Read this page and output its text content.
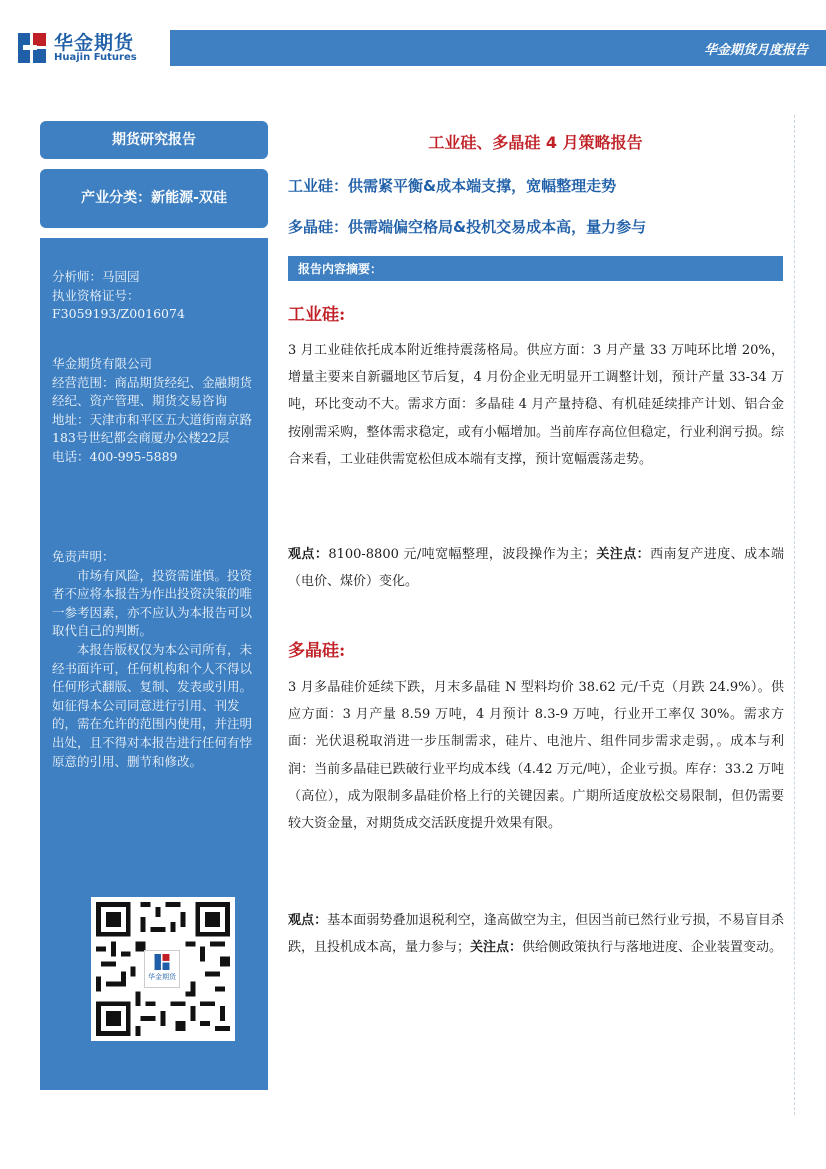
华金期货
Huajin Futures	华金期货月度报告
期货研究报告
产业分类：新能源-双硅

分析师：马园园

执业资格证号：

F3059193/Z0016074

华金期货有限公司

经营范围：商品期货经纪、金融期货经纪、资产管理、期货交易咨询

地址：天津市和平区五大道街南京路183号世纪都会商厦办公楼22层

电话：400-995-5889

免责声明：

市场有风险，投资需谨慎。投资者不应将本报告为作出投资决策的唯一参考因素，亦不应认为本报告可以取代自己的判断。

本报告版权仅为本公司所有，未经书面许可，任何机构和个人不得以任何形式翻版、复制、发表或引用。如征得本公司同意进行引用、刊发的，需在允许的范围内使用，并注明出处，且不得对本报告进行任何有悖原意的引用、删节和修改。

华金期货
工业硅、多晶硅 4 月策略报告
工业硅：供需紧平衡&成本端支撑，宽幅整理走势
多晶硅：供需端偏空格局&投机交易成本高，量力参与
报告内容摘要：
工业硅:

3 月工业硅依托成本附近维持震荡格局。供应方面：3 月产量 33 万吨环比增 20%，增量主要来自新疆地区节后复，4 月份企业无明显开工调整计划，预计产量 33-34 万吨，环比变动不大。需求方面：多晶硅 4 月产量持稳、有机硅延续排产计划、铝合金按刚需采购，整体需求稳定，或有小幅增加。当前库存高位但稳定，行业利润亏损。综合来看，工业硅供需宽松但成本端有支撑，预计宽幅震荡走势。

观点：8100-8800 元/吨宽幅整理，波段操作为主；关注点：西南复产进度、成本端（电价、煤价）变化。

多晶硅:

3 月多晶硅价延续下跌，月末多晶硅 N 型料均价 38.62 元/千克（月跌 24.9%）。供应方面：3 月产量 8.59 万吨，4 月预计 8.3-9 万吨，行业开工率仅 30%。需求方面：光伏退税取消进一步压制需求，硅片、电池片、组件同步需求走弱，。成本与利润：当前多晶硅已跌破行业平均成本线（4.42 万元/吨），企业亏损。库存：33.2 万吨（高位），成为限制多晶硅价格上行的关键因素。广期所适度放松交易限制，但仍需要较大资金量，对期货成交活跃度提升效果有限。

观点：基本面弱势叠加退税利空，逢高做空为主，但因当前已然行业亏损，不易盲目杀跌，且投机成本高，量力参与；关注点：供给侧政策执行与落地进度、企业装置变动。
